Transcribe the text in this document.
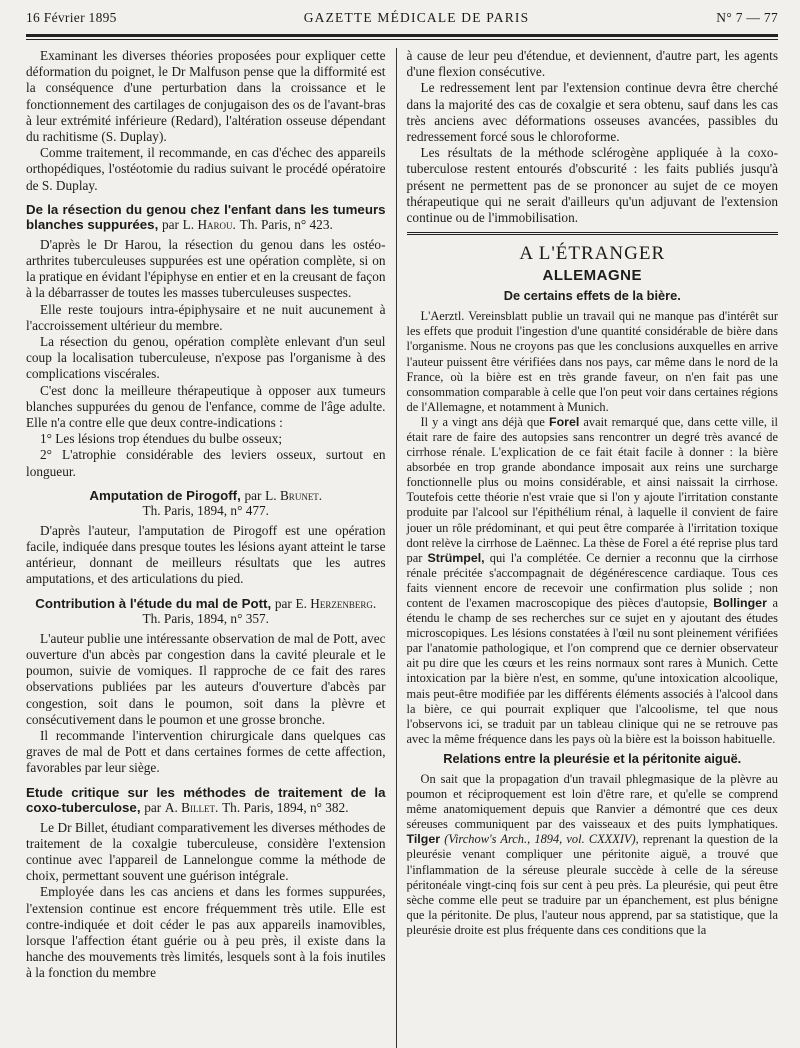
16 Février 1895	GAZETTE MÉDICALE DE PARIS	N° 7 — 77

Examinant les diverses théories proposées pour expliquer cette déformation du poignet, le Dr Malfuson pense que la difformité est la conséquence d'une perturbation dans la croissance et le fonctionnement des cartilages de conjugaison des os de l'avant-bras à leur extrémité inférieure (Redard), l'altération osseuse dépendant du rachitisme (S. Duplay).

Comme traitement, il recommande, en cas d'échec des appareils orthopédiques, l'ostéotomie du radius suivant le procédé opératoire de S. Duplay.

De la résection du genou chez l'enfant dans les tumeurs blanches suppurées, par L. Harou. Th. Paris, n° 423.

D'après le Dr Harou, la résection du genou dans les ostéo-arthrites tuberculeuses suppurées est une opération complète, si on la pratique en évidant l'épiphyse en entier et en la creusant de façon à la débarrasser de toutes les masses tuberculeuses suspectes.

Elle reste toujours intra-épiphysaire et ne nuit aucunement à l'accroissement ultérieur du membre.

La résection du genou, opération complète enlevant d'un seul coup la localisation tuberculeuse, n'expose pas l'organisme à des complications viscérales.

C'est donc la meilleure thérapeutique à opposer aux tumeurs blanches suppurées du genou de l'enfance, comme de l'âge adulte. Elle n'a contre elle que deux contre-indications :

1° Les lésions trop étendues du bulbe osseux;

2° L'atrophie considérable des leviers osseux, surtout en longueur.

Amputation de Pirogoff, par L. Brunet.
Th. Paris, 1894, n° 477.

D'après l'auteur, l'amputation de Pirogoff est une opération facile, indiquée dans presque toutes les lésions ayant atteint le tarse antérieur, donnant de meilleurs résultats que les autres amputations, et des articulations du pied.

Contribution à l'étude du mal de Pott, par E. Herzenberg.
Th. Paris, 1894, n° 357.

L'auteur publie une intéressante observation de mal de Pott, avec ouverture d'un abcès par congestion dans la cavité pleurale et le poumon, suivie de vomiques. Il rapproche de ce fait des rares observations publiées par les auteurs d'ouverture d'abcès par congestion, soit dans le poumon, soit dans la plèvre et consécutivement dans le poumon et une grosse bronche.

Il recommande l'intervention chirurgicale dans quelques cas graves de mal de Pott et dans certaines formes de cette affection, favorables par leur siège.

Etude critique sur les méthodes de traitement de la coxo-tuberculose, par A. Billet. Th. Paris, 1894, n° 382.

Le Dr Billet, étudiant comparativement les diverses méthodes de traitement de la coxalgie tuberculeuse, considère l'extension continue avec l'appareil de Lannelongue comme la méthode de choix, permettant souvent une guérison intégrale.

Employée dans les cas anciens et dans les formes suppurées, l'extension continue est encore fréquemment très utile. Elle est contre-indiquée et doit céder le pas aux appareils inamovibles, lorsque l'affection étant guérie ou à peu près, il existe dans la hanche des mouvements très limités, lesquels sont à la fois inutiles à la fonction du membre

à cause de leur peu d'étendue, et deviennent, d'autre part, les agents d'une flexion consécutive.

Le redressement lent par l'extension continue devra être cherché dans la majorité des cas de coxalgie et sera obtenu, sauf dans les cas très anciens avec déformations osseuses avancées, passibles du redressement forcé sous le chloroforme.

Les résultats de la méthode sclérogène appliquée à la coxo-tuberculose restent entourés d'obscurité : les faits publiés jusqu'à présent ne permettent pas de se prononcer au sujet de ce moyen thérapeutique qui ne serait d'ailleurs qu'un adjuvant de l'extension continue ou de l'immobilisation.

A L'ÉTRANGER
ALLEMAGNE
De certains effets de la bière.

L'Aerztl. Vereinsblatt publie un travail qui ne manque pas d'intérêt sur les effets que produit l'ingestion d'une quantité considérable de bière dans l'organisme. Nous ne croyons pas que les conclusions auxquelles en arrive l'auteur puissent être vérifiées dans nos pays, car même dans le nord de la France, où la bière est en très grande faveur, on n'en fait pas une consommation comparable à celle que l'on peut voir dans certaines régions de l'Allemagne, et notamment à Munich.

Il y a vingt ans déjà que Forel avait remarqué que, dans cette ville, il était rare de faire des autopsies sans rencontrer un degré très avancé de cirrhose rénale. L'explication de ce fait était facile à donner : la bière absorbée en trop grande abondance imposait aux reins une surcharge fonctionnelle plus ou moins considérable, et ainsi naissait la cirrhose. Toutefois cette théorie n'est vraie que si l'on y ajoute l'irritation constante produite par l'alcool sur l'épithélium rénal, à laquelle il convient de faire jouer un rôle prédominant, et qui peut être comparée à l'irritation toxique dont relève la cirrhose de Laënnec. La thèse de Forel a été reprise plus tard par Strümpel, qui l'a complétée. Ce dernier a reconnu que la cirrhose rénale précitée s'accompagnait de dégénérescence cardiaque. Tous ces faits viennent encore de recevoir une confirmation plus solide ; non content de l'examen macroscopique des pièces d'autopsie, Bollinger a étendu le champ de ses recherches sur ce sujet en y ajoutant des études microscopiques. Les lésions constatées à l'œil nu sont pleinement vérifiées par l'anatomie pathologique, et l'on comprend que ce dernier observateur ait pu dire que les cœurs et les reins normaux sont rares à Munich. Cette intoxication par la bière n'est, en somme, qu'une intoxication alcoolique, mais peut-être modifiée par les différents éléments associés à l'alcool dans la bière, ce qui pourrait expliquer que l'alcoolisme, tel que nous l'observons ici, se traduit par un tableau clinique qui ne se retrouve pas avec la même fréquence dans les pays où la bière est la boisson habituelle.

Relations entre la pleurésie et la péritonite aiguë.

On sait que la propagation d'un travail phlegmasique de la plèvre au poumon et réciproquement est loin d'être rare, et qu'elle se comprend même anatomiquement depuis que Ranvier a démontré que ces deux séreuses communiquent par des vaisseaux et des puits lymphatiques. Tilger (Virchow's Arch., 1894, vol. CXXXIV), reprenant la question de la pleurésie venant compliquer une péritonite aiguë, a trouvé que l'inflammation de la séreuse pleurale succède à celle de la séreuse péritonéale vingt-cinq fois sur cent à peu près. La pleurésie, qui peut être sèche comme elle peut se traduire par un épanchement, est plus bénigne que la péritonite. De plus, l'auteur nous apprend, par sa statistique, que la pleurésie droite est plus fréquente dans ces conditions que la
